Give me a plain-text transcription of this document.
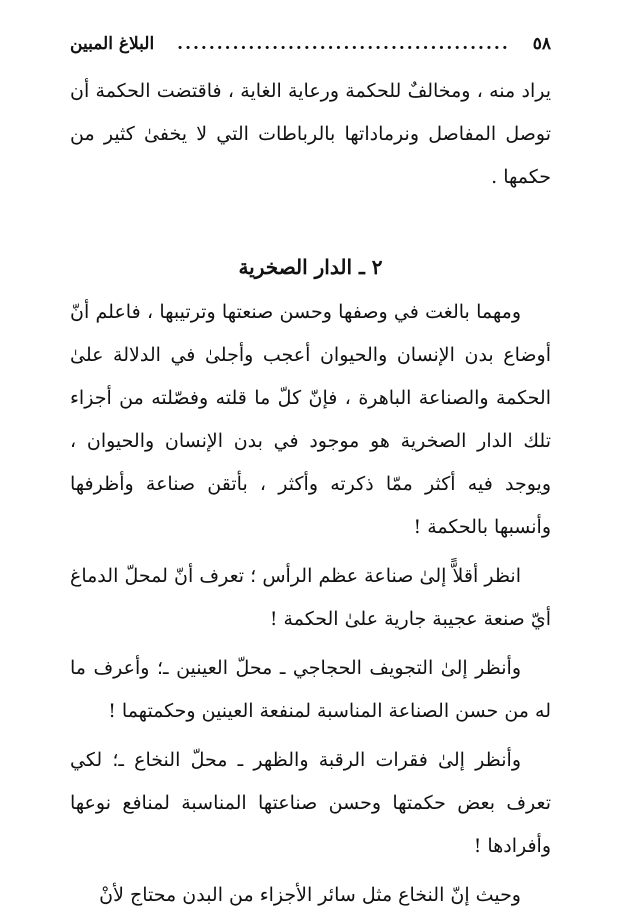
٥٨
..........................................
البلاغ المبين

يراد منه ، ومخالفٌ للحكمة ورعاية الغاية ، فاقتضت الحكمة أن توصل المفاصل ونرماداتها بالرباطات التي لا يخفىٰ كثير من حكمها .

٢ ـ الدار الصخرية

ومهما بالغت في وصفها وحسن صنعتها وترتيبها ، فاعلم أنّ أوضاع بدن الإنسان والحيوان أعجب وأجلىٰ في الدلالة علىٰ الحكمة والصناعة الباهرة ، فإنّ كلّ ما قلته وفصّلته من أجزاء تلك الدار الصخرية هو موجود في بدن الإنسان والحيوان ، ويوجد فيه أكثر ممّا ذكرته وأكثر ، بأتقن صناعة وأظرفها وأنسبها بالحكمة !

انظر أقلاًّ إلىٰ صناعة عظم الرأس ؛ تعرف أنّ لمحلّ الدماغ أيّ صنعة عجيبة جارية علىٰ الحكمة !

وأنظر إلىٰ التجويف الحجاجي ـ محلّ العينين ـ؛ وأعرف ما له من حسن الصناعة المناسبة لمنفعة العينين وحكمتهما !

وأنظر إلىٰ فقرات الرقبة والظهر ـ محلّ النخاع ـ؛ لكي تعرف بعض حكمتها وحسن صناعتها المناسبة لمنافع نوعها وأفرادها !

وحيث إنّ النخاع مثل سائر الأجزاء من البدن محتاج لأنْ
